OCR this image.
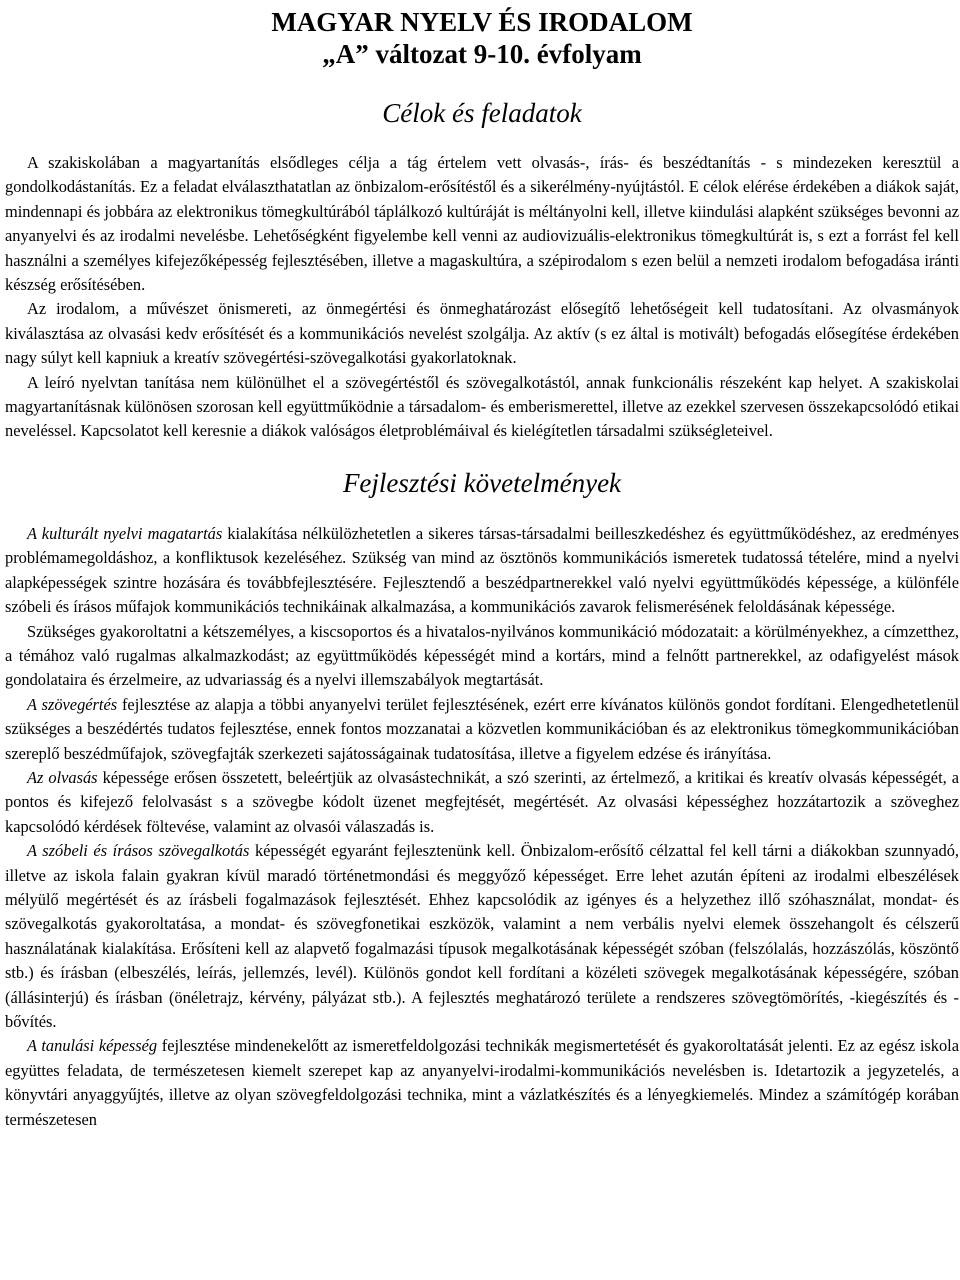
MAGYAR NYELV ÉS IRODALOM
„A” változat 9-10. évfolyam
Célok és feladatok

A szakiskolában a magyartanítás elsődleges célja a tág értelem vett olvasás-, írás- és beszédtanítás - s mindezeken keresztül a gondolkodástanítás. Ez a feladat elválaszthatatlan az önbizalom-erősítéstől és a sikerélmény-nyújtástól. E célok elérése érdekében a diákok saját, mindennapi és jobbára az elektronikus tömegkultúrából táplálkozó kultúráját is méltányolni kell, illetve kiindulási alapként szükséges bevonni az anyanyelvi és az irodalmi nevelésbe. Lehetőségként figyelembe kell venni az audiovizuális-elektronikus tömegkultúrát is, s ezt a forrást fel kell használni a személyes kifejezőképesség fejlesztésében, illetve a magaskultúra, a szépirodalom s ezen belül a nemzeti irodalom befogadása iránti készség erősítésében.

Az irodalom, a művészet önismereti, az önmegértési és önmeghatározást elősegítő lehetőségeit kell tudatosítani. Az olvasmányok kiválasztása az olvasási kedv erősítését és a kommunikációs nevelést szolgálja. Az aktív (s ez által is motivált) befogadás elősegítése érdekében nagy súlyt kell kapniuk a kreatív szövegértési-szövegalkotási gyakorlatoknak.

A leíró nyelvtan tanítása nem különülhet el a szövegértéstől és szövegalkotástól, annak funkcionális részeként kap helyet. A szakiskolai magyartanításnak különösen szorosan kell együttműködnie a társadalom- és emberismerettel, illetve az ezekkel szervesen összekapcsolódó etikai neveléssel. Kapcsolatot kell keresnie a diákok valóságos életproblémáival és kielégítetlen társadalmi szükségleteivel.

Fejlesztési követelmények

A kulturált nyelvi magatartás kialakítása nélkülözhetetlen a sikeres társas-társadalmi beilleszkedéshez és együttműködéshez, az eredményes problémamegoldáshoz, a konfliktusok kezeléséhez. Szükség van mind az ösztönös kommunikációs ismeretek tudatossá tételére, mind a nyelvi alapképességek szintre hozására és továbbfejlesztésére. Fejlesztendő a beszédpartnerekkel való nyelvi együttműködés képessége, a különféle szóbeli és írásos műfajok kommunikációs technikáinak alkalmazása, a kommunikációs zavarok felismerésének feloldásának képessége.

Szükséges gyakoroltatni a kétszemélyes, a kiscsoportos és a hivatalos-nyilvános kommunikáció módozatait: a körülményekhez, a címzetthez, a témához való rugalmas alkalmazkodást; az együttműködés képességét mind a kortárs, mind a felnőtt partnerekkel, az odafigyelést mások gondolataira és érzelmeire, az udvariasság és a nyelvi illemszabályok megtartását.

A szövegértés fejlesztése az alapja a többi anyanyelvi terület fejlesztésének, ezért erre kívánatos különös gondot fordítani. Elengedhetetlenül szükséges a beszédértés tudatos fejlesztése, ennek fontos mozzanatai a közvetlen kommunikációban és az elektronikus tömegkommunikációban szereplő beszédműfajok, szövegfajták szerkezeti sajátosságainak tudatosítása, illetve a figyelem edzése és irányítása.

Az olvasás képessége erősen összetett, beleértjük az olvasástechnikát, a szó szerinti, az értelmező, a kritikai és kreatív olvasás képességét, a pontos és kifejező felolvasást s a szövegbe kódolt üzenet megfejtését, megértését. Az olvasási képességhez hozzátartozik a szöveghez kapcsolódó kérdések föltevése, valamint az olvasói válaszadás is.

A szóbeli és írásos szövegalkotás képességét egyaránt fejlesztenünk kell. Önbizalom-erősítő célzattal fel kell tárni a diákokban szunnyadó, illetve az iskola falain gyakran kívül maradó történetmondási és meggyőző képességet. Erre lehet azután építeni az irodalmi elbeszélések mélyülő megértését és az írásbeli fogalmazások fejlesztését. Ehhez kapcsolódik az igényes és a helyzethez illő szóhasználat, mondat- és szövegalkotás gyakoroltatása, a mondat- és szövegfonetikai eszközök, valamint a nem verbális nyelvi elemek összehangolt és célszerű használatának kialakítása. Erősíteni kell az alapvető fogalmazási típusok megalkotásának képességét szóban (felszólalás, hozzászólás, köszöntő stb.) és írásban (elbeszélés, leírás, jellemzés, levél). Különös gondot kell fordítani a közéleti szövegek megalkotásának képességére, szóban (állásinterjú) és írásban (önéletrajz, kérvény, pályázat stb.). A fejlesztés meghatározó területe a rendszeres szövegtömörítés, -kiegészítés és -bővítés.

A tanulási képesség fejlesztése mindenekelőtt az ismeretfeldolgozási technikák megismertetését és gyakoroltatását jelenti. Ez az egész iskola együttes feladata, de természetesen kiemelt szerepet kap az anyanyelvi-irodalmi-kommunikációs nevelésben is. Idetartozik a jegyzetelés, a könyvtári anyaggyűjtés, illetve az olyan szövegfeldolgozási technika, mint a vázlatkészítés és a lényegkiemelés. Mindez a számítógép korában természetesen
